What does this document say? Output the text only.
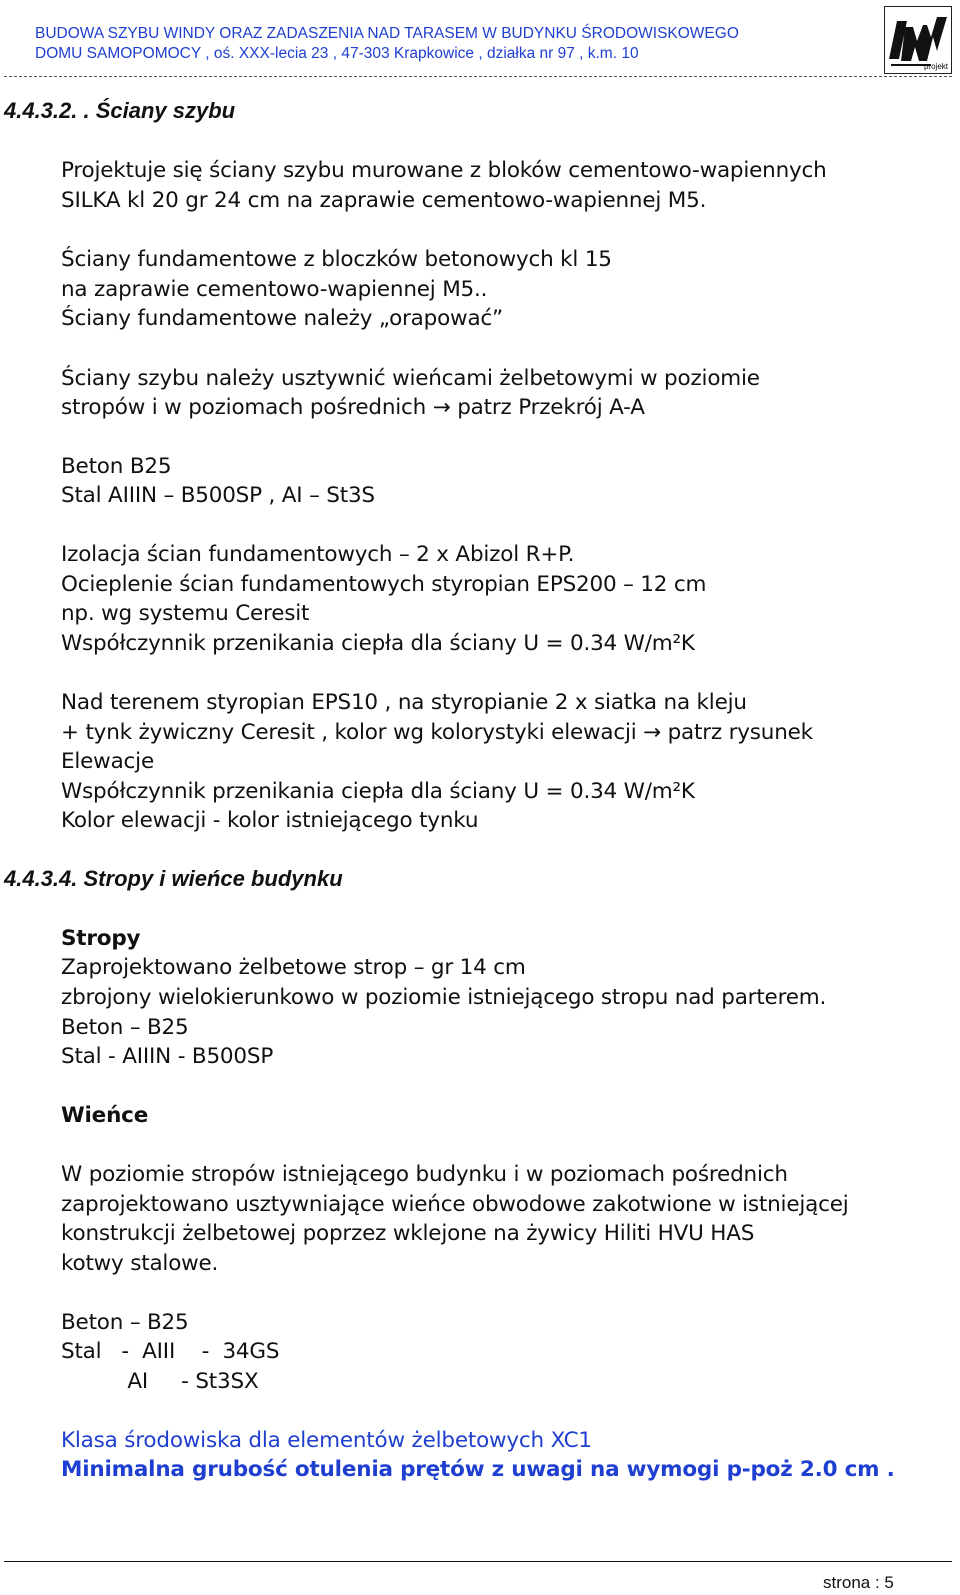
BUDOWA SZYBU WINDY ORAZ ZADASZENIA NAD TARASEM W BUDYNKU ŚRODOWISKOWEGO
DOMU SAMOPOMOCY , oś. XXX-lecia 23 , 47-303 Krapkowice , działka nr 97 , k.m. 10
projekt
4.4.3.2. . Ściany szybu
Projektuje się ściany szybu murowane z bloków cementowo-wapiennych
SILKA kl 20 gr 24 cm na zaprawie cementowo-wapiennej M5.
Ściany fundamentowe z bloczków betonowych kl 15
na zaprawie cementowo-wapiennej M5..
Ściany fundamentowe należy „orapować”
Ściany szybu należy usztywnić wieńcami żelbetowymi w poziomie
stropów i w poziomach pośrednich → patrz Przekrój A-A
Beton B25
Stal AIIIN – B500SP , AI – St3S
Izolacja ścian fundamentowych – 2 x Abizol R+P.
Ocieplenie ścian fundamentowych styropian EPS200 – 12 cm
np. wg systemu Ceresit
Współczynnik przenikania ciepła dla ściany U = 0.34 W/m²K
Nad terenem styropian EPS10 , na styropianie 2 x siatka na kleju
+ tynk żywiczny Ceresit , kolor wg kolorystyki elewacji → patrz rysunek
Elewacje
Współczynnik przenikania ciepła dla ściany U = 0.34 W/m²K
Kolor elewacji - kolor istniejącego tynku
4.4.3.4. Stropy i wieńce budynku
Stropy
Zaprojektowano żelbetowe strop – gr 14 cm
zbrojony wielokierunkowo w poziomie istniejącego stropu nad parterem.
Beton – B25
Stal - AIIIN - B500SP
Wieńce
W poziomie stropów istniejącego budynku i w poziomach pośrednich
zaprojektowano usztywniające wieńce obwodowe zakotwione w istniejącej
konstrukcji żelbetowej poprzez wklejone na żywicy Hiliti HVU HAS
kotwy stalowe.
Beton – B25
Stal   -  AIII    -  34GS
AI     - St3SX
Klasa środowiska dla elementów żelbetowych XC1
Minimalna grubość otulenia prętów z uwagi na wymogi p-poż 2.0 cm .
strona : 5
